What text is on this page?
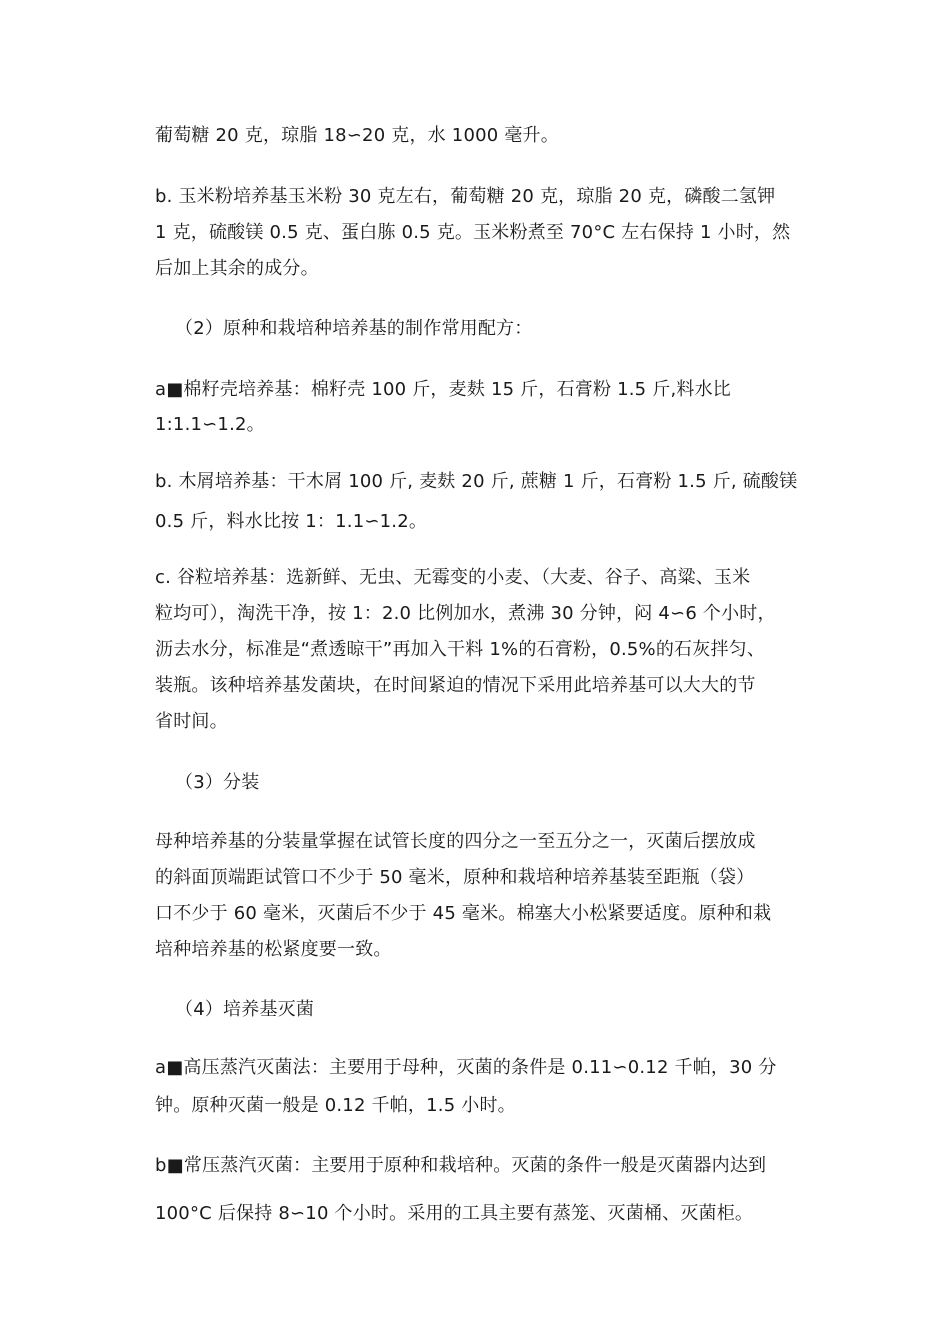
葡萄糖 20 克，琼脂 18∽20 克，水 1000 毫升。
b. 玉米粉培养基玉米粉 30 克左右，葡萄糖 20 克，琼脂 20 克，磷酸二氢钾
1 克，硫酸镁 0.5 克、蛋白胨 0.5 克。玉米粉煮至 70°C 左右保持 1 小时，然
后加上其余的成分。
（2）原种和栽培种培养基的制作常用配方：
a■棉籽壳培养基：棉籽壳 100 斤，麦麸 15 斤，石膏粉 1.5 斤,料水比
1:1.1∽1.2。
b. 木屑培养基：干木屑 100 斤, 麦麸 20 斤, 蔗糖 1 斤，石膏粉 1.5 斤, 硫酸镁
0.5 斤，料水比按 1：1.1∽1.2。
c. 谷粒培养基：选新鲜、无虫、无霉变的小麦、（大麦、谷子、高粱、玉米
粒均可），淘洗干净，按 1：2.0 比例加水，煮沸 30 分钟，闷 4∽6 个小时，
沥去水分，标准是“煮透晾干”再加入干料 1%的石膏粉，0.5%的石灰拌匀、
装瓶。该种培养基发菌块，在时间紧迫的情况下采用此培养基可以大大的节
省时间。
（3）分装
母种培养基的分装量掌握在试管长度的四分之一至五分之一，灭菌后摆放成
的斜面顶端距试管口不少于 50 毫米，原种和栽培种培养基装至距瓶（袋）
口不少于 60 毫米，灭菌后不少于 45 毫米。棉塞大小松紧要适度。原种和栽
培种培养基的松紧度要一致。
（4）培养基灭菌
a■高压蒸汽灭菌法：主要用于母种，灭菌的条件是 0.11∽0.12 千帕，30 分
钟。原种灭菌一般是 0.12 千帕，1.5 小时。
b■常压蒸汽灭菌：主要用于原种和栽培种。灭菌的条件一般是灭菌器内达到
100°C 后保持 8∽10 个小时。采用的工具主要有蒸笼、灭菌桶、灭菌柜。
